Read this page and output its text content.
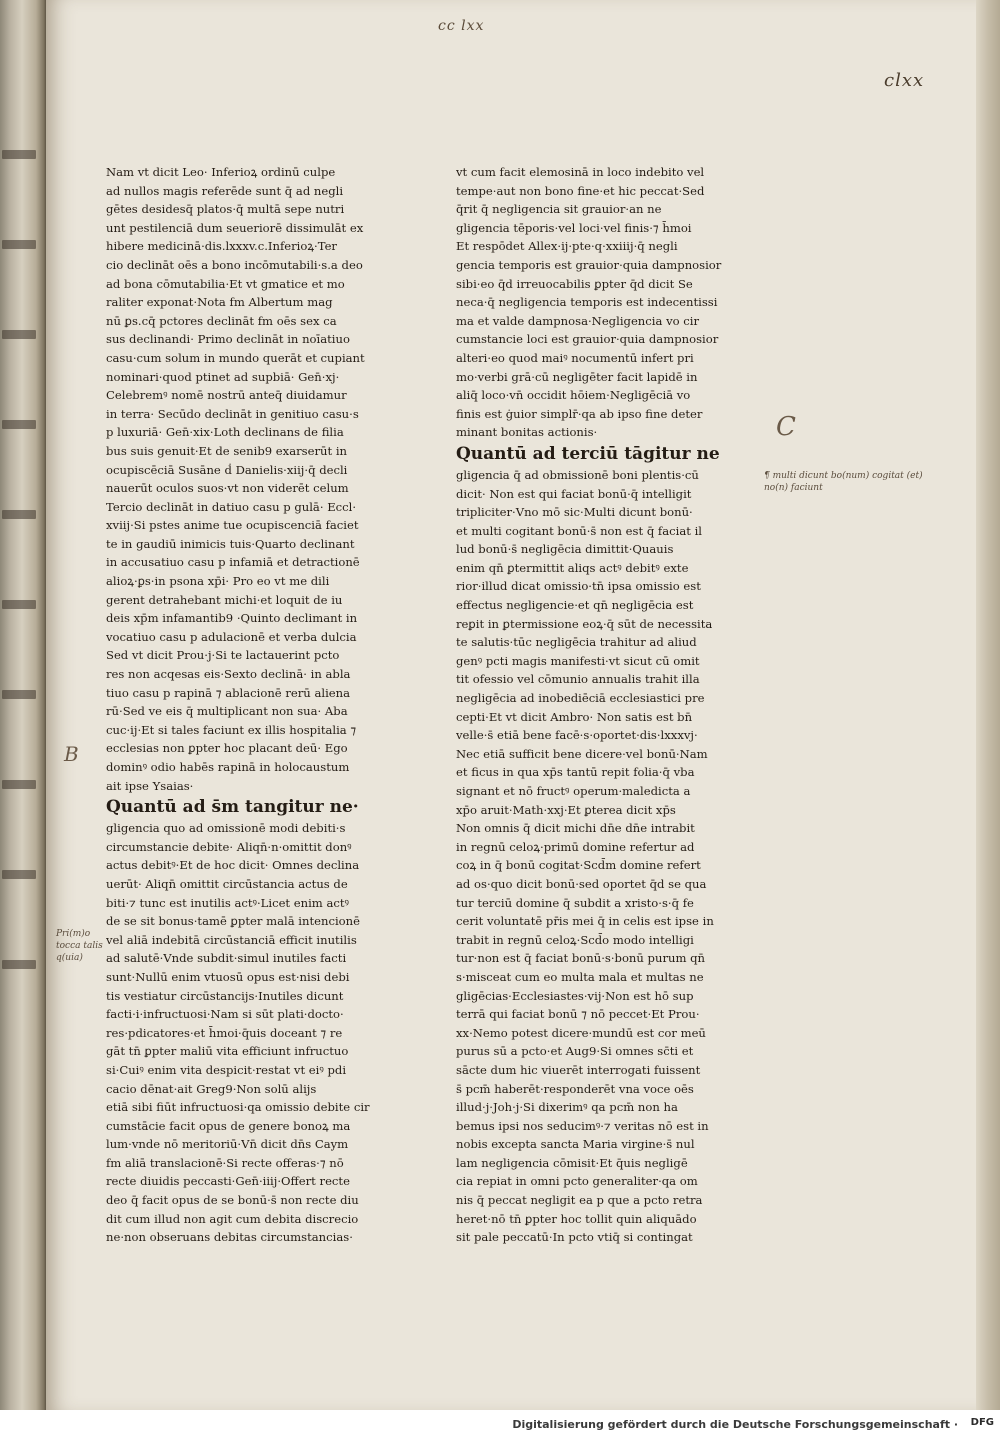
cc lxx
clxx
B
C
¶ multi dicunt bo(num) cogitat (et) no(n) faciunt
Pri(m)o tocca talis q(uia)
Nam vt dicit Leo· Inferioꝝ ordinū culpe
ad nullos magis referēde sunt q̄ ad negli
gētes desidesq̄ platos·q̄ multā sepe nutri
unt pestilenciā dum seueriorē dissimulāt ex
hibere medicinā·dis.lxxxv.c.Inferioꝝ·Ter
cio declināt oēs a bono incōmutabili·s.a deo
ad bona cōmutabilia·Et vt gmatice et mo
raliter exponat·Nota fm Albertum mag
nū ꝑs.cq̄ pctores declināt fm oēs sex ca
sus declinandi· Primo declināt in noīatiuo
casu·cum solum in mundo querāt et cupiant
nominari·quod ptinet ad supbiā· Gen̄·xj·
Celebremꝰ nomē nostrū anteq̄ diuidamur
in terra· Secūdo declināt in genitiuo casu·s
p luxuriā· Gen̄·xix·Loth declinans de filia
bus suis genuit·Et de senib9 exarserūt in
ocupiscēciā Susāne ḋ Danielis·xiij·q̄ decli
nauerūt oculos suos·vt non viderēt celum
Tercio declināt in datiuo casu p gulā· Eccl·
xviij·Si pstes anime tue ocupiscenciā faciet
te in gaudiū inimicis tuis·Quarto declinant
in accusatiuo casu p infamiā et detractionē
alioꝝ·ꝑs·in psona xp̄i· Pro eo vt me dili
gerent detrahebant michi·et loquit de iu
deis xp̄m infamantib9 ·Quinto declimant in
vocatiuo casu p adulacionē et verba dulcia
Sed vt dicit Prou·j·Si te lactauerint pcto
res non acqesas eis·Sexto declinā· in abla
tiuo casu p rapinā ⁊ ablacionē rerū aliena
rū·Sed ve eis q̄ multiplicant non sua· Aba
cuc·ij·Et si tales faciunt ex illis hospitalia ⁊
ecclesias non ꝑpter hoc placant deū· Ego
dominꝰ odio habēs rapinā in holocaustum
ait ipse Ysaias·
Quantū ad s̄m tangitur ne·
gligencia quo ad omissionē modi debiti·s
circumstancie debite· Aliqn̄·n·omittit donꝰ
actus debitꝰ·Et de hoc dicit· Omnes declina
uerūt· Aliqn̄ omittit circūstancia actus de
biti·⁊ tunc est inutilis actꝰ·Licet enim actꝰ
de se sit bonus·tamē ꝑpter malā intencionē
vel aliā indebitā circūstanciā efficit inutilis
ad salutē·Vnde subdit·simul inutiles facti
sunt·Nullū enim vtuosū opus est·nisi debi
tis vestiatur circūstancijs·Inutiles dicunt
facti·i·infructuosi·Nam si sūt plati·docto·
res·pdicatores·et h̄moi·q̄uis doceant ⁊ re
gāt tn̄ ꝑpter maliū vita efficiunt infructuo
si·Cuiꝰ enim vita despicit·restat vt eiꝰ pdi
cacio dēnat·ait Greg9·Non solū alijs
etiā sibi fiūt infructuosi·qa omissio debite cir
cumstācie facit opus de genere bonoꝝ ma
lum·vnde nō meritoriū·Vn̄ dicit dn̄s Caym
fm aliā translacionē·Si recte offeras·⁊ nō
recte diuidis peccasti·Gen̄·iiij·Offert recte
deo q̄ facit opus de se bonū·s̄ non recte diu
dit cum illud non agit cum debita discrecio
ne·non obseruans debitas circumstancias·
vt cum facit elemosinā in loco indebito vel
tempe·aut non bono fine·et hic peccat·Sed
q̄rit q̄ negligencia sit grauior·an ne
gligencia tēporis·vel loci·vel finis·⁊ h̄moi
Et respōdet Allex·ij·pte·q·xxiiij·q̄ negli
gencia temporis est grauior·quia dampnosior
sibi·eo q̄d irreuocabilis ꝑpter q̄d dicit Se
neca·q̄ negligencia temporis est indecentissi
ma et valde dampnosa·Negligencia vo cir
cumstancie loci est grauior·quia dampnosior
alteri·eo quod maiꝰ nocumentū infert pri
mo·verbi grā·cū negligēter facit lapidē in
aliq̄ loco·vn̄ occidit hōiem·Negligēciā vo
finis est ġuior simplr̄·qa ab ipso fine deter
minant bonitas actionis·
Quantū ad terciū tāgitur ne
gligencia q̄ ad obmissionē boni plentis·cū
dicit· Non est qui faciat bonū·q̄ intelligit
tripliciter·Vno mō sic·Multi dicunt bonū·
et multi cogitant bonū·s̄ non est q̄ faciat il
lud bonū·s̄ negligēcia dimittit·Quauis
enim qn̄ ꝑtermittit aliqs actꝰ debitꝰ exte
rior·illud dicat omissio·tn̄ ipsa omissio est
effectus negligencie·et qn̄ negligēcia est
reꝑit in ꝑtermissione eoꝝ·q̄ sūt de necessita
te salutis·tūc negligēcia trahitur ad aliud
genꝰ pcti magis manifesti·vt sicut cū omit
tit ofessio vel cōmunio annualis trahit illa
negligēcia ad inobediēciā ecclesiastici pre
cepti·Et vt dicit Ambro· Non satis est bn̄
velle·s̄ etiā bene facē·s·oportet·dis·lxxxvj·
Nec etiā sufficit bene dicere·vel bonū·Nam
et ficus in qua xp̄s tantū repit folia·q̄ vba
signant et nō fructꝰ operum·maledicta a
xp̄o aruit·Math·xxj·Et ꝑterea dicit xp̄s
Non omnis q̄ dicit michi dn̄e dn̄e intrabit
in regnū celoꝝ·primū domine refertur ad
coꝝ in q̄ bonū cogitat·Scd̄m domine refert
ad os·quo dicit bonū·sed oportet q̄d se qua
tur terciū domine q̄ subdit a xristo·s·q̄ fe
cerit voluntatē pr̄is mei q̄ in celis est ipse in
trabit in regnū celoꝝ·Scd̄o modo intelligi
tur·non est q̄ faciat bonū·s·bonū purum qn̄
s·misceat cum eo multa mala et multas ne
gligēcias·Ecclesiastes·vij·Non est hō sup
terrā qui faciat bonū ⁊ nō peccet·Et Prou·
xx·Nemo potest dicere·mundū est cor meū
purus sū a pcto·et Aug9·Si omnes sc̄ti et
sācte dum hic viuerēt interrogati fuissent
s̄ pcm̄ haberēt·responderēt vna voce oēs
illud·j·Joh·j·Si dixerimꝰ qa pcm̄ non ha
bemus ipsi nos seducimꝰ·⁊ veritas nō est in
nobis excepta sancta Maria virgine·s̄ nul
lam negligencia cōmisit·Et q̄uis negligē
cia repiat in omni pcto generaliter·qa om
nis q̄ peccat negligit ea p que a pcto retra
heret·nō tn̄ ꝑpter hoc tollit quin aliquādo
sit pale peccatū·In pcto vtiq̄ si contingat
Digitalisierung gefördert durch die Deutsche Forschungsgemeinschaft · DFG
